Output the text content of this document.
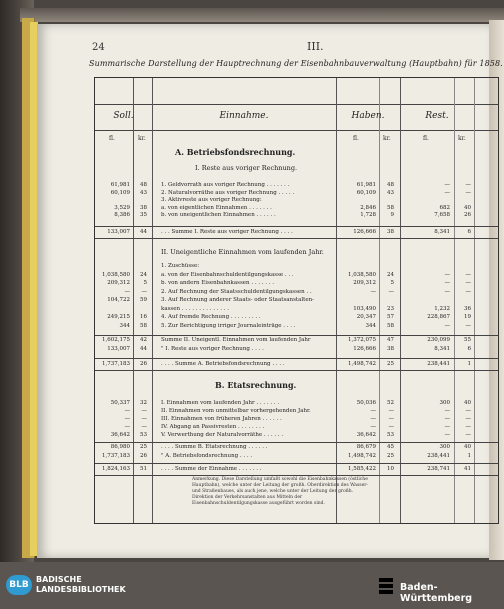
24	III.
Summarische Darstellung der Hauptrechnung der Eisenbahnbauverwaltung (Hauptbahn) für 1858.
Soll.	Einnahme.	Haben.	Rest.
fl.	kr.	fl.	kr.	fl.	kr.
A. Betriebsfondsrechnung.
I. Reste aus voriger Rechnung.
61,981	48	1. Geldvorrath aus voriger Rechnung . . . . . . .	61,981	48	—	—
60,109	43	2. Naturalvorräthe aus voriger Rechnung . . . . .	60,109	43	—	—
3. Aktivreste aus voriger Rechnung:
3,529	38	a. von eigentlichen Einnahmen . . . . . . .	2,846	58	682	40
8,386	35	b. von uneigentlichen Einnahmen . . . . . .	1,728	9	7,658	26
133,007	44	. . . Summe I. Reste aus voriger Rechnung . . . .	126,666	38	8,341	6
II. Uneigentliche Einnahmen vom laufenden Jahr.
1. Zuschüsse:
1,038,580	24	a. von der Eisenbahnschuldentilgungskasse . . .	1,038,580	24	—	—
209,312	5	b. von andern Eisenbahnkassen . . . . . . .	209,312	5	—	—
—	—	2. Auf Rechnung der Staatsschuldentilgungskassen . .	—	—	—	—
104,722	59	3. Auf Rechnung anderer Staats- oder Staatsanstalten-
kassen . . . . . . . . . . . . . .	103,490	23	1,232	36
249,215	16	4. Auf fremde Rechnung . . . . . . . . .	20,347	57	228,867	19
344	58	5. Zur Berichtigung irriger Journaleinträge . . . .	344	58	—	—
1,602,175	42	Summe II. Uneigentl. Einnahmen vom laufenden Jahr	1,372,075	47	230,099	55
133,007	44	" I. Reste aus voriger Rechnung . . . .	126,666	38	8,341	6
1,737,183	26	. . . . Summe A. Betriebsfondsrechnung . . . .	1,498,742	25	238,441	1
B. Etatsrechnung.
50,337	32	I. Einnahmen vom laufenden Jahr . . . . . . .	50,036	52	300	40
—	—	II. Einnahmen vom unmittelbar vorhergehenden Jahr.	—	—	—	—
—	—	III. Einnahmen von früheren Jahren . . . . . .	—	—	—	—
—	—	IV. Abgang an Passivresten . . . . . . . .	—	—	—	—
36,642	53	V. Verwerthung der Naturalvorräthe . . . . . .	36,642	53	—	—
86,980	25	. . . . Summe B. Etatsrechnung . . . . . .	86,679	45	300	40
1,737,183	26	" A. Betriebsfondsrechnung . . . .	1,498,742	25	238,441	1
1,824,163	51	. . . . Summe der Einnahme . . . . . . .	1,585,422	10	238,741	41
Anmerkung. Diese Darstellung umfaßt sowohl die Eisenbahnkassen (östliche Hauptbahn), welche unter der Leitung der großh. Oberdirektion des Wasser- und Straßenbaues, als auch jene, welche unter der Leitung der großh. Direktion der Verkehrsanstalten aus Mitteln der Eisenbahnschuldentilgungskasse ausgeführt worden sind.
BLB
BADISCHE
LANDESBIBLIOTHEK	Baden-Württemberg
